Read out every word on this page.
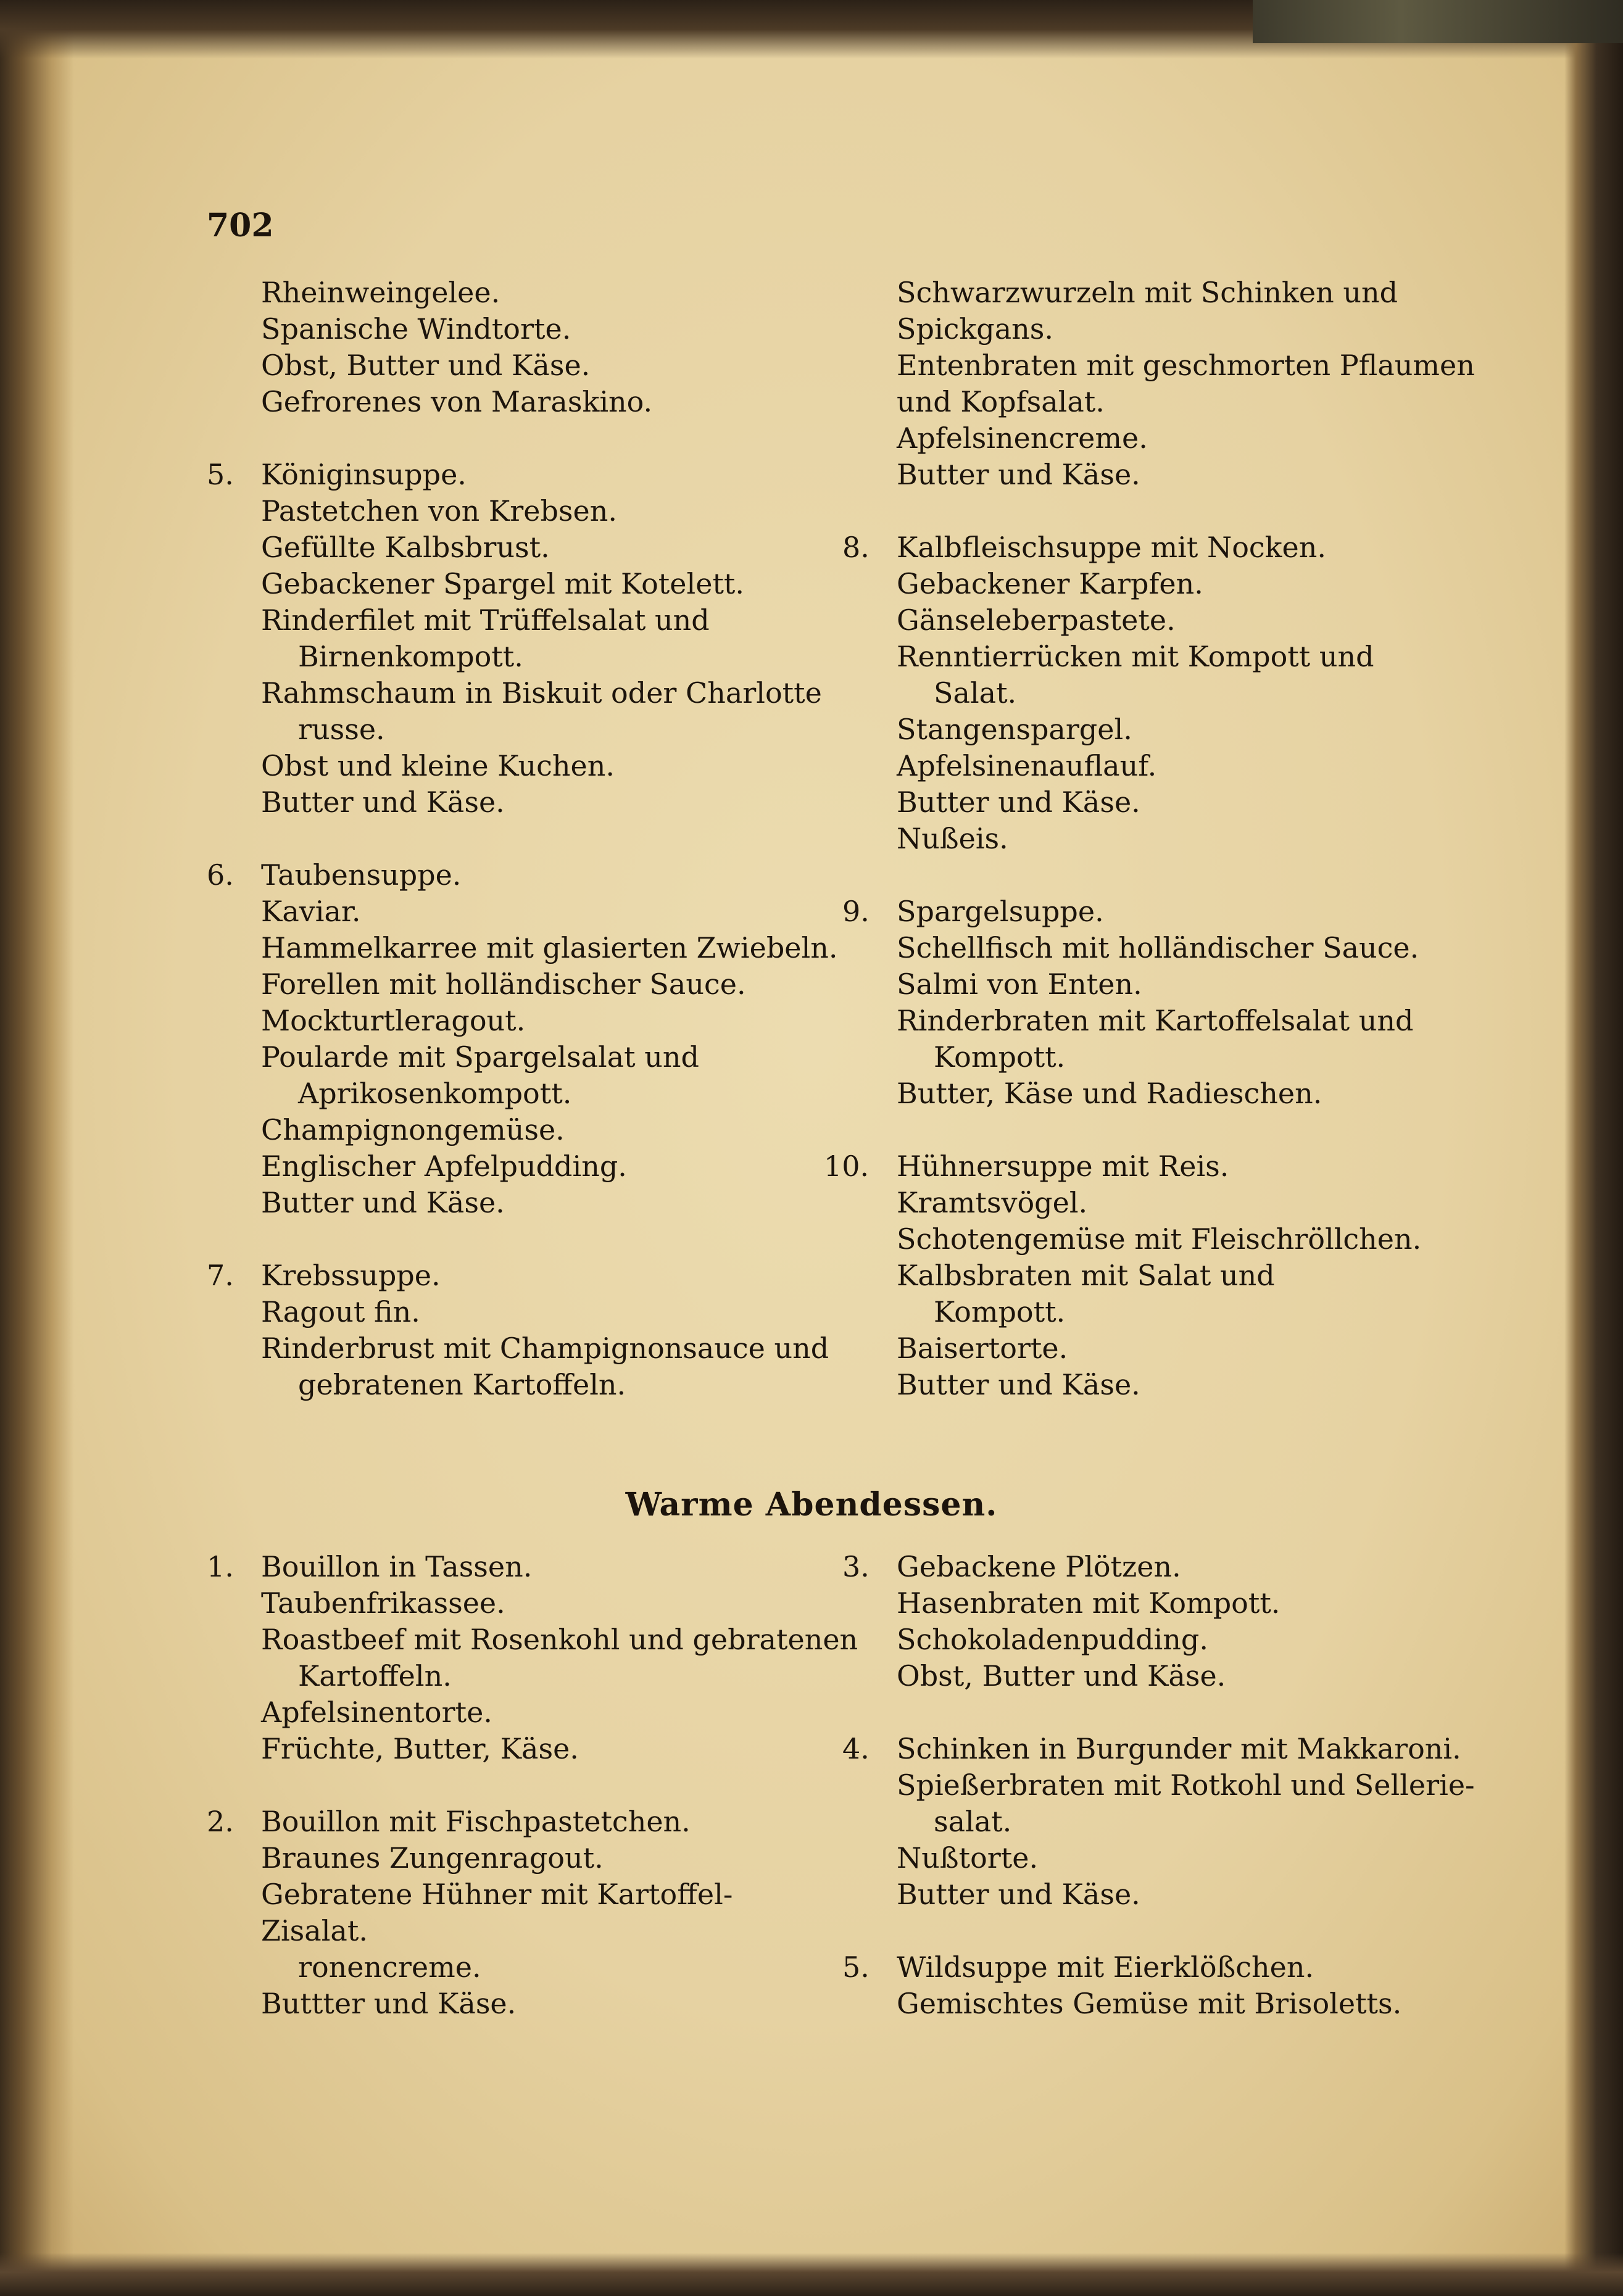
702
Rheinweingelee.
Spanische Windtorte.
Obst, Butter und Käse.
Gefrorenes von Maraskino.
5. Königinsuppe.
Pastetchen von Krebsen.
Gefüllte Kalbsbrust.
Gebackener Spargel mit Kotelett.
Rinderfilet mit Trüffelsalat und
Birnenkompott.
Rahmschaum in Biskuit oder Charlotte
russe.
Obst und kleine Kuchen.
Butter und Käse.
6. Taubensuppe.
Kaviar.
Hammelkarree mit glasierten Zwiebeln.
Forellen mit holländischer Sauce.
Mockturtleragout.
Poularde mit Spargelsalat und
Aprikosenkompott.
Champignongemüse.
Englischer Apfelpudding.
Butter und Käse.
7. Krebssuppe.
Ragout fin.
Rinderbrust mit Champignonsauce und
gebratenen Kartoffeln.
Schwarzwurzeln mit Schinken und
Spickgans.
Entenbraten mit geschmorten Pflaumen
und Kopfsalat.
Apfelsinencreme.
Butter und Käse.
8. Kalbfleischsuppe mit Nocken.
Gebackener Karpfen.
Gänseleberpastete.
Renntierrücken mit Kompott und
Salat.
Stangenspargel.
Apfelsinenauflauf.
Butter und Käse.
Nußeis.
9. Spargelsuppe.
Schellfisch mit holländischer Sauce.
Salmi von Enten.
Rinderbraten mit Kartoffelsalat und
Kompott.
Butter, Käse und Radieschen.
10. Hühnersuppe mit Reis.
Kramtsvögel.
Schotengemüse mit Fleischröllchen.
Kalbsbraten mit Salat und
Kompott.
Baisertorte.
Butter und Käse.
Warme Abendessen.
1. Bouillon in Tassen.
Taubenfrikassee.
Roastbeef mit Rosenkohl und gebratenen
Kartoffeln.
Apfelsinentorte.
Früchte, Butter, Käse.
2. Bouillon mit Fischpastetchen.
Braunes Zungenragout.
Gebratene Hühner mit Kartoffel-
Zisalat.
ronencreme.
Buttter und Käse.
3. Gebackene Plötzen.
Hasenbraten mit Kompott.
Schokoladenpudding.
Obst, Butter und Käse.
4. Schinken in Burgunder mit Makkaroni.
Spießerbraten mit Rotkohl und Sellerie-
salat.
Nußtorte.
Butter und Käse.
5. Wildsuppe mit Eierklößchen.
Gemischtes Gemüse mit Brisoletts.
